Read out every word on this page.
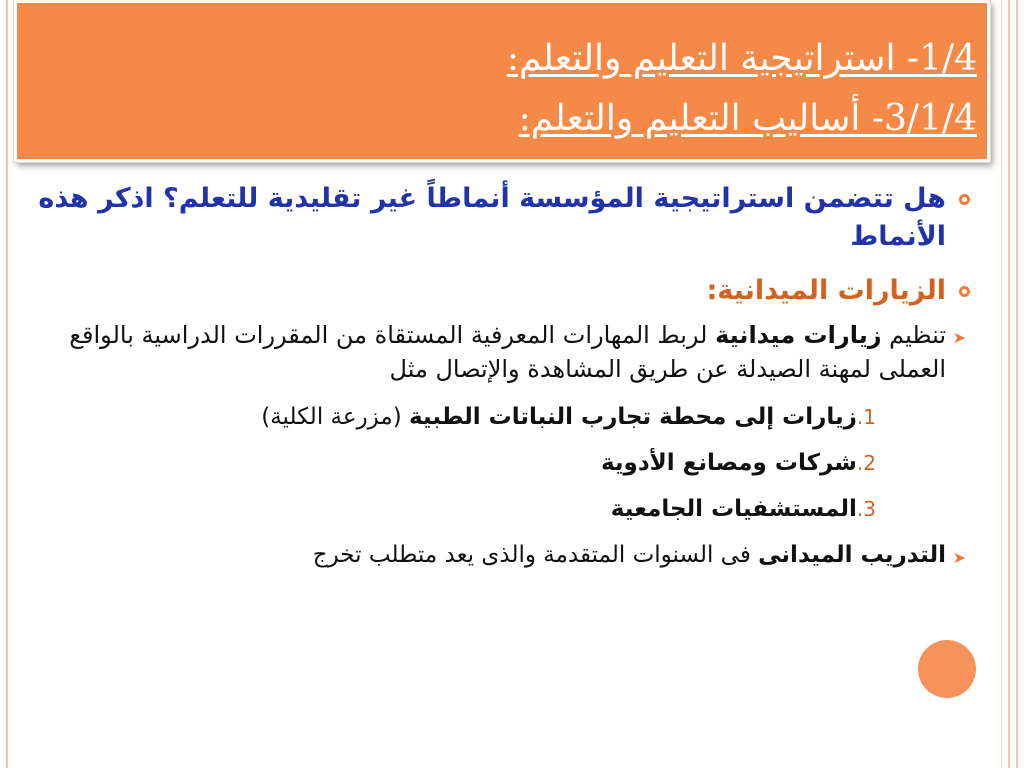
1/4- استراتيجية التعليم والتعلم:
3/1/4- أساليب التعليم والتعلم:
هل تتضمن استراتيجية المؤسسة أنماطاً غير تقليدية للتعلم؟ اذكر هذه الأنماط
الزيارات الميدانية:
➤
تنظيم زيارات ميدانية لربط المهارات المعرفية المستقاة من المقررات الدراسية بالواقع العملى لمهنة الصيدلة عن طريق المشاهدة والإتصال مثل
1.زيارات إلى محطة تجارب النباتات الطبية (مزرعة الكلية)
2.شركات ومصانع الأدوية
3.المستشفيات الجامعية
➤
التدريب الميدانى فى السنوات المتقدمة والذى يعد متطلب تخرج
